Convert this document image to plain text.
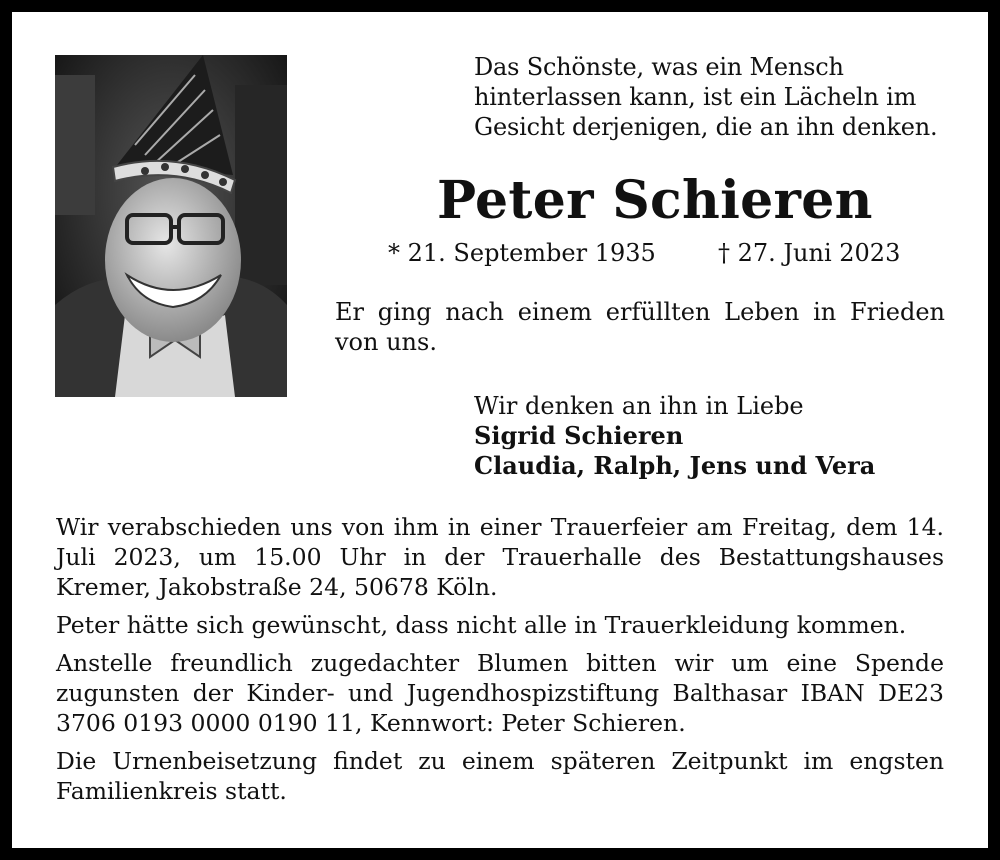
Das Schönste, was ein Mensch
hinterlassen kann, ist ein Lächeln im
Gesicht derjenigen, die an ihn denken.
Peter Schieren
* 21. September 1935	† 27. Juni 2023
Er ging nach einem erfüllten Leben in Frieden von uns.
Wir denken an ihn in Liebe
Sigrid Schieren
Claudia, Ralph, Jens und Vera

Wir verabschieden uns von ihm in einer Trauerfeier am Freitag, dem 14. Juli 2023, um 15.00 Uhr in der Trauerhalle des Bestattungshauses Kremer, Jakobstraße 24, 50678 Köln.

Peter hätte sich gewünscht, dass nicht alle in Trauerkleidung kommen.

Anstelle freundlich zugedachter Blumen bitten wir um eine Spende zugunsten der Kinder- und Jugendhospizstiftung Balthasar IBAN DE23 3706 0193 0000 0190 11, Kennwort: Peter Schieren.

Die Urnenbeisetzung findet zu einem späteren Zeitpunkt im engsten Familienkreis statt.
